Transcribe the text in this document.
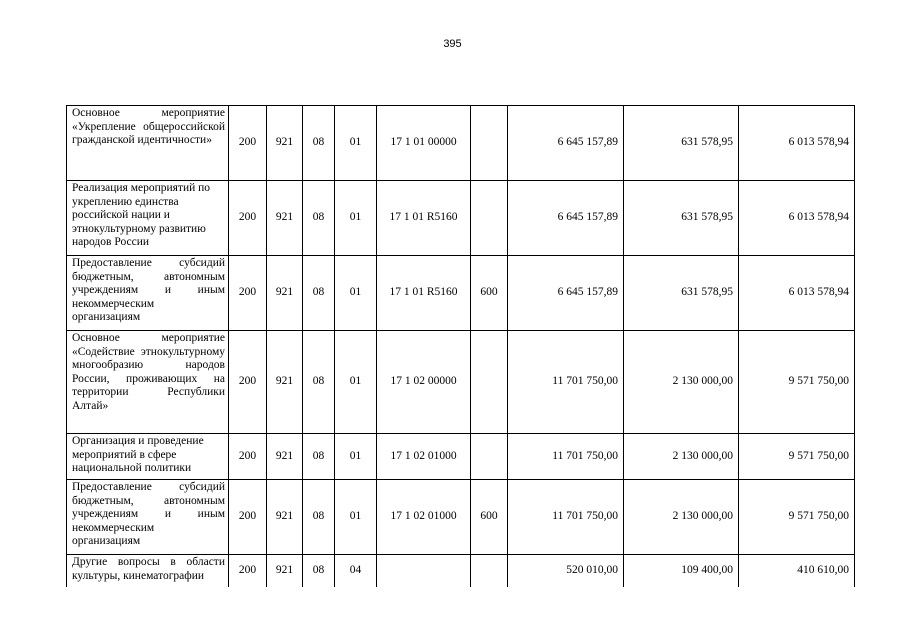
395
Основное мероприятие «Укрепление общероссийской гражданской идентичности»	200	921	08	01	17 1 01 00000		6 645 157,89	631 578,95	6 013 578,94
Реализация мероприятий по укреплению единства российской нации и этнокультурному развитию народов России	200	921	08	01	17 1 01 R5160		6 645 157,89	631 578,95	6 013 578,94
Предоставление субсидий бюджетным, автономным учреждениям и иным некоммерческим организациям	200	921	08	01	17 1 01 R5160	600	6 645 157,89	631 578,95	6 013 578,94
Основное мероприятие «Содействие этнокультурному многообразию народов России, проживающих на территории Республики Алтай»	200	921	08	01	17 1 02 00000		11 701 750,00	2 130 000,00	9 571 750,00
Организация и проведение мероприятий в сфере национальной политики	200	921	08	01	17 1 02 01000		11 701 750,00	2 130 000,00	9 571 750,00
Предоставление субсидий бюджетным, автономным учреждениям и иным некоммерческим организациям	200	921	08	01	17 1 02 01000	600	11 701 750,00	2 130 000,00	9 571 750,00
Другие вопросы в области культуры, кинематографии	200	921	08	04			520 010,00	109 400,00	410 610,00
